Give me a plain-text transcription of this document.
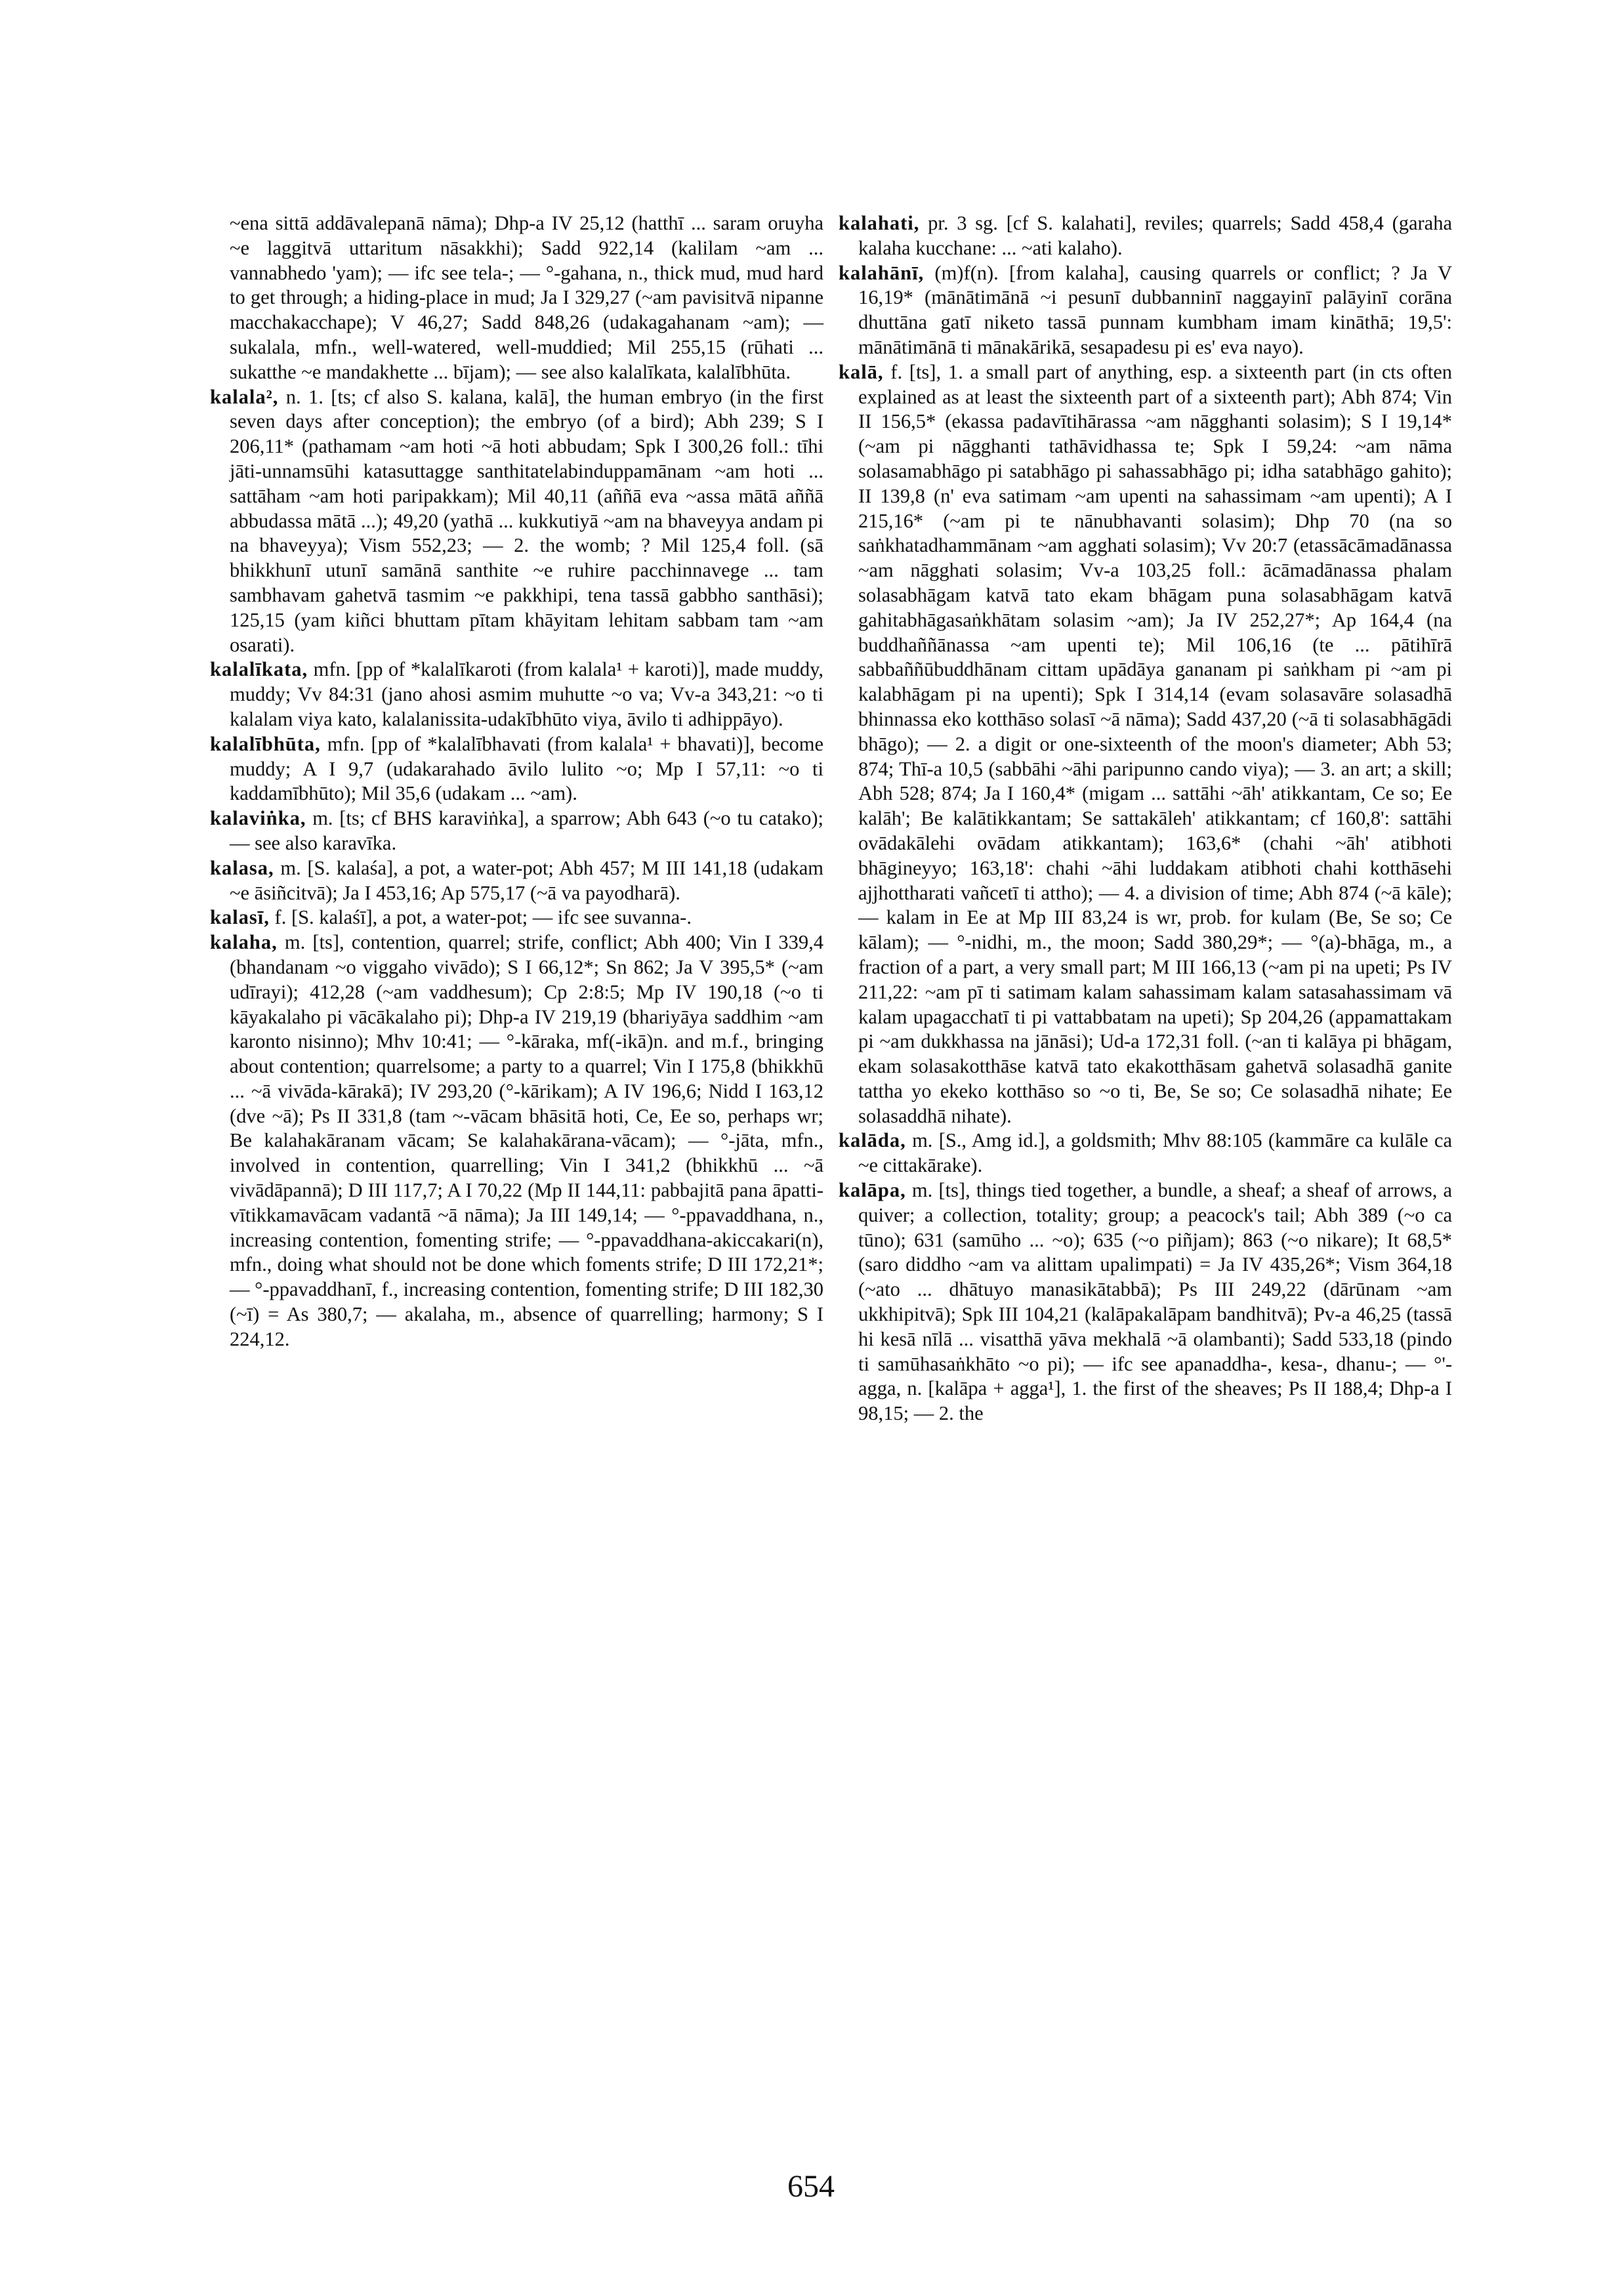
~ena sittā addāvalepanā nāma); Dhp-a IV 25,12 (hatthī ... saram oruyha ~e laggitvā uttaritum nāsakkhi); Sadd 922,14 (kalilam ~am ... vannabhedo 'yam); — ifc see tela-; — °-gahana, n., thick mud, mud hard to get through; a hiding-place in mud; Ja I 329,27 (~am pavisitvā nipanne macchakacchape); V 46,27; Sadd 848,26 (udakagahanam ~am); — sukalala, mfn., well-watered, well-muddied; Mil 255,15 (rūhati ... sukatthe ~e mandakhette ... bījam); — see also kalalīkata, kalalībhūta.

kalala², n. 1. [ts; cf also S. kalana, kalā], the human embryo (in the first seven days after conception); the embryo (of a bird); Abh 239; S I 206,11* (pathamam ~am hoti ~ā hoti abbudam; Spk I 300,26 foll.: tīhi jāti-unnamsūhi katasuttagge santhitatelabinduppamānam ~am hoti ... sattāham ~am hoti paripakkam); Mil 40,11 (aññā eva ~assa mātā aññā abbudassa mātā ...); 49,20 (yathā ... kukkutiyā ~am na bhaveyya andam pi na bhaveyya); Vism 552,23; — 2. the womb; ? Mil 125,4 foll. (sā bhikkhunī utunī samānā santhite ~e ruhire pacchinnavege ... tam sambhavam gahetvā tasmim ~e pakkhipi, tena tassā gabbho santhāsi); 125,15 (yam kiñci bhuttam pītam khāyitam lehitam sabbam tam ~am osarati).

kalalīkata, mfn. [pp of *kalalīkaroti (from kalala¹ + karoti)], made muddy, muddy; Vv 84:31 (jano ahosi asmim muhutte ~o va; Vv-a 343,21: ~o ti kalalam viya kato, kalalanissita-udakībhūto viya, āvilo ti adhippāyo).

kalalībhūta, mfn. [pp of *kalalībhavati (from kalala¹ + bhavati)], become muddy; A I 9,7 (udakarahado āvilo lulito ~o; Mp I 57,11: ~o ti kaddamībhūto); Mil 35,6 (udakam ... ~am).

kalaviṅka, m. [ts; cf BHS karaviṅka], a sparrow; Abh 643 (~o tu catako); — see also karavīka.

kalasa, m. [S. kalaśa], a pot, a water-pot; Abh 457; M III 141,18 (udakam ~e āsiñcitvā); Ja I 453,16; Ap 575,17 (~ā va payodharā).

kalasī, f. [S. kalaśī], a pot, a water-pot; — ifc see suvanna-.

kalaha, m. [ts], contention, quarrel; strife, conflict; Abh 400; Vin I 339,4 (bhandanam ~o viggaho vivādo); S I 66,12*; Sn 862; Ja V 395,5* (~am udīrayi); 412,28 (~am vaddhesum); Cp 2:8:5; Mp IV 190,18 (~o ti kāyakalaho pi vācākalaho pi); Dhp-a IV 219,19 (bhariyāya saddhim ~am karonto nisinno); Mhv 10:41; — °-kāraka, mf(-ikā)n. and m.f., bringing about contention; quarrelsome; a party to a quarrel; Vin I 175,8 (bhikkhū ... ~ā vivāda-kārakā); IV 293,20 (°-kārikam); A IV 196,6; Nidd I 163,12 (dve ~ā); Ps II 331,8 (tam ~-vācam bhāsitā hoti, Ce, Ee so, perhaps wr; Be kalahakāranam vācam; Se kalahakārana-vācam); — °-jāta, mfn., involved in contention, quarrelling; Vin I 341,2 (bhikkhū ... ~ā vivādāpannā); D III 117,7; A I 70,22 (Mp II 144,11: pabbajitā pana āpatti-vītikkamavācam vadantā ~ā nāma); Ja III 149,14; — °-ppavaddhana, n., increasing contention, fomenting strife; — °-ppavaddhana-akiccakari(n), mfn., doing what should not be done which foments strife; D III 172,21*; — °-ppavaddhanī, f., increasing contention, fomenting strife; D III 182,30 (~ī) = As 380,7; — akalaha, m., absence of quarrelling; harmony; S I 224,12.

kalahati, pr. 3 sg. [cf S. kalahati], reviles; quarrels; Sadd 458,4 (garaha kalaha kucchane: ... ~ati kalaho).

kalahānī, (m)f(n). [from kalaha], causing quarrels or conflict; ? Ja V 16,19* (mānātimānā ~i pesunī dubbanninī naggayinī palāyinī corāna dhuttāna gatī niketo tassā punnam kumbham imam kināthā; 19,5': mānātimānā ti mānakārikā, sesapadesu pi es' eva nayo).

kalā, f. [ts], 1. a small part of anything, esp. a sixteenth part (in cts often explained as at least the sixteenth part of a sixteenth part); Abh 874; Vin II 156,5* (ekassa padavītihārassa ~am nāgghanti solasim); S I 19,14* (~am pi nāgghanti tathāvidhassa te; Spk I 59,24: ~am nāma solasamabhāgo pi satabhāgo pi sahassabhāgo pi; idha satabhāgo gahito); II 139,8 (n' eva satimam ~am upenti na sahassimam ~am upenti); A I 215,16* (~am pi te nānubhavanti solasim); Dhp 70 (na so saṅkhatadhammānam ~am agghati solasim); Vv 20:7 (etassācāmadānassa ~am nāgghati solasim; Vv-a 103,25 foll.: ācāmadānassa phalam solasabhāgam katvā tato ekam bhāgam puna solasabhāgam katvā gahitabhāgasaṅkhātam solasim ~am); Ja IV 252,27*; Ap 164,4 (na buddhaññānassa ~am upenti te); Mil 106,16 (te ... pātihīrā sabbaññūbuddhānam cittam upādāya gananam pi saṅkham pi ~am pi kalabhāgam pi na upenti); Spk I 314,14 (evam solasavāre solasadhā bhinnassa eko kotthāso solasī ~ā nāma); Sadd 437,20 (~ā ti solasabhāgādi bhāgo); — 2. a digit or one-sixteenth of the moon's diameter; Abh 53; 874; Thī-a 10,5 (sabbāhi ~āhi paripunno cando viya); — 3. an art; a skill; Abh 528; 874; Ja I 160,4* (migam ... sattāhi ~āh' atikkantam, Ce so; Ee kalāh'; Be kalātikkantam; Se sattakāleh' atikkantam; cf 160,8': sattāhi ovādakālehi ovādam atikkantam); 163,6* (chahi ~āh' atibhoti bhāgineyyo; 163,18': chahi ~āhi luddakam atibhoti chahi kotthāsehi ajjhottharati vañcetī ti attho); — 4. a division of time; Abh 874 (~ā kāle); — kalam in Ee at Mp III 83,24 is wr, prob. for kulam (Be, Se so; Ce kālam); — °-nidhi, m., the moon; Sadd 380,29*; — °(a)-bhāga, m., a fraction of a part, a very small part; M III 166,13 (~am pi na upeti; Ps IV 211,22: ~am pī ti satimam kalam sahassimam kalam satasahassimam vā kalam upagacchatī ti pi vattabbatam na upeti); Sp 204,26 (appamattakam pi ~am dukkhassa na jānāsi); Ud-a 172,31 foll. (~an ti kalāya pi bhāgam, ekam solasakotthāse katvā tato ekakotthāsam gahetvā solasadhā ganite tattha yo ekeko kotthāso so ~o ti, Be, Se so; Ce solasadhā nihate; Ee solasaddhā nihate).

kalāda, m. [S., Amg id.], a goldsmith; Mhv 88:105 (kammāre ca kulāle ca ~e cittakārake).

kalāpa, m. [ts], things tied together, a bundle, a sheaf; a sheaf of arrows, a quiver; a collection, totality; group; a peacock's tail; Abh 389 (~o ca tūno); 631 (samūho ... ~o); 635 (~o piñjam); 863 (~o nikare); It 68,5* (saro diddho ~am va alittam upalimpati) = Ja IV 435,26*; Vism 364,18 (~ato ... dhātuyo manasikātabbā); Ps III 249,22 (dārūnam ~am ukkhipitvā); Spk III 104,21 (kalāpakalāpam bandhitvā); Pv-a 46,25 (tassā hi kesā nīlā ... visatthā yāva mekhalā ~ā olambanti); Sadd 533,18 (pindo ti samūhasaṅkhāto ~o pi); — ifc see apanaddha-, kesa-, dhanu-; — °'-agga, n. [kalāpa + agga¹], 1. the first of the sheaves; Ps II 188,4; Dhp-a I 98,15; — 2. the

654
